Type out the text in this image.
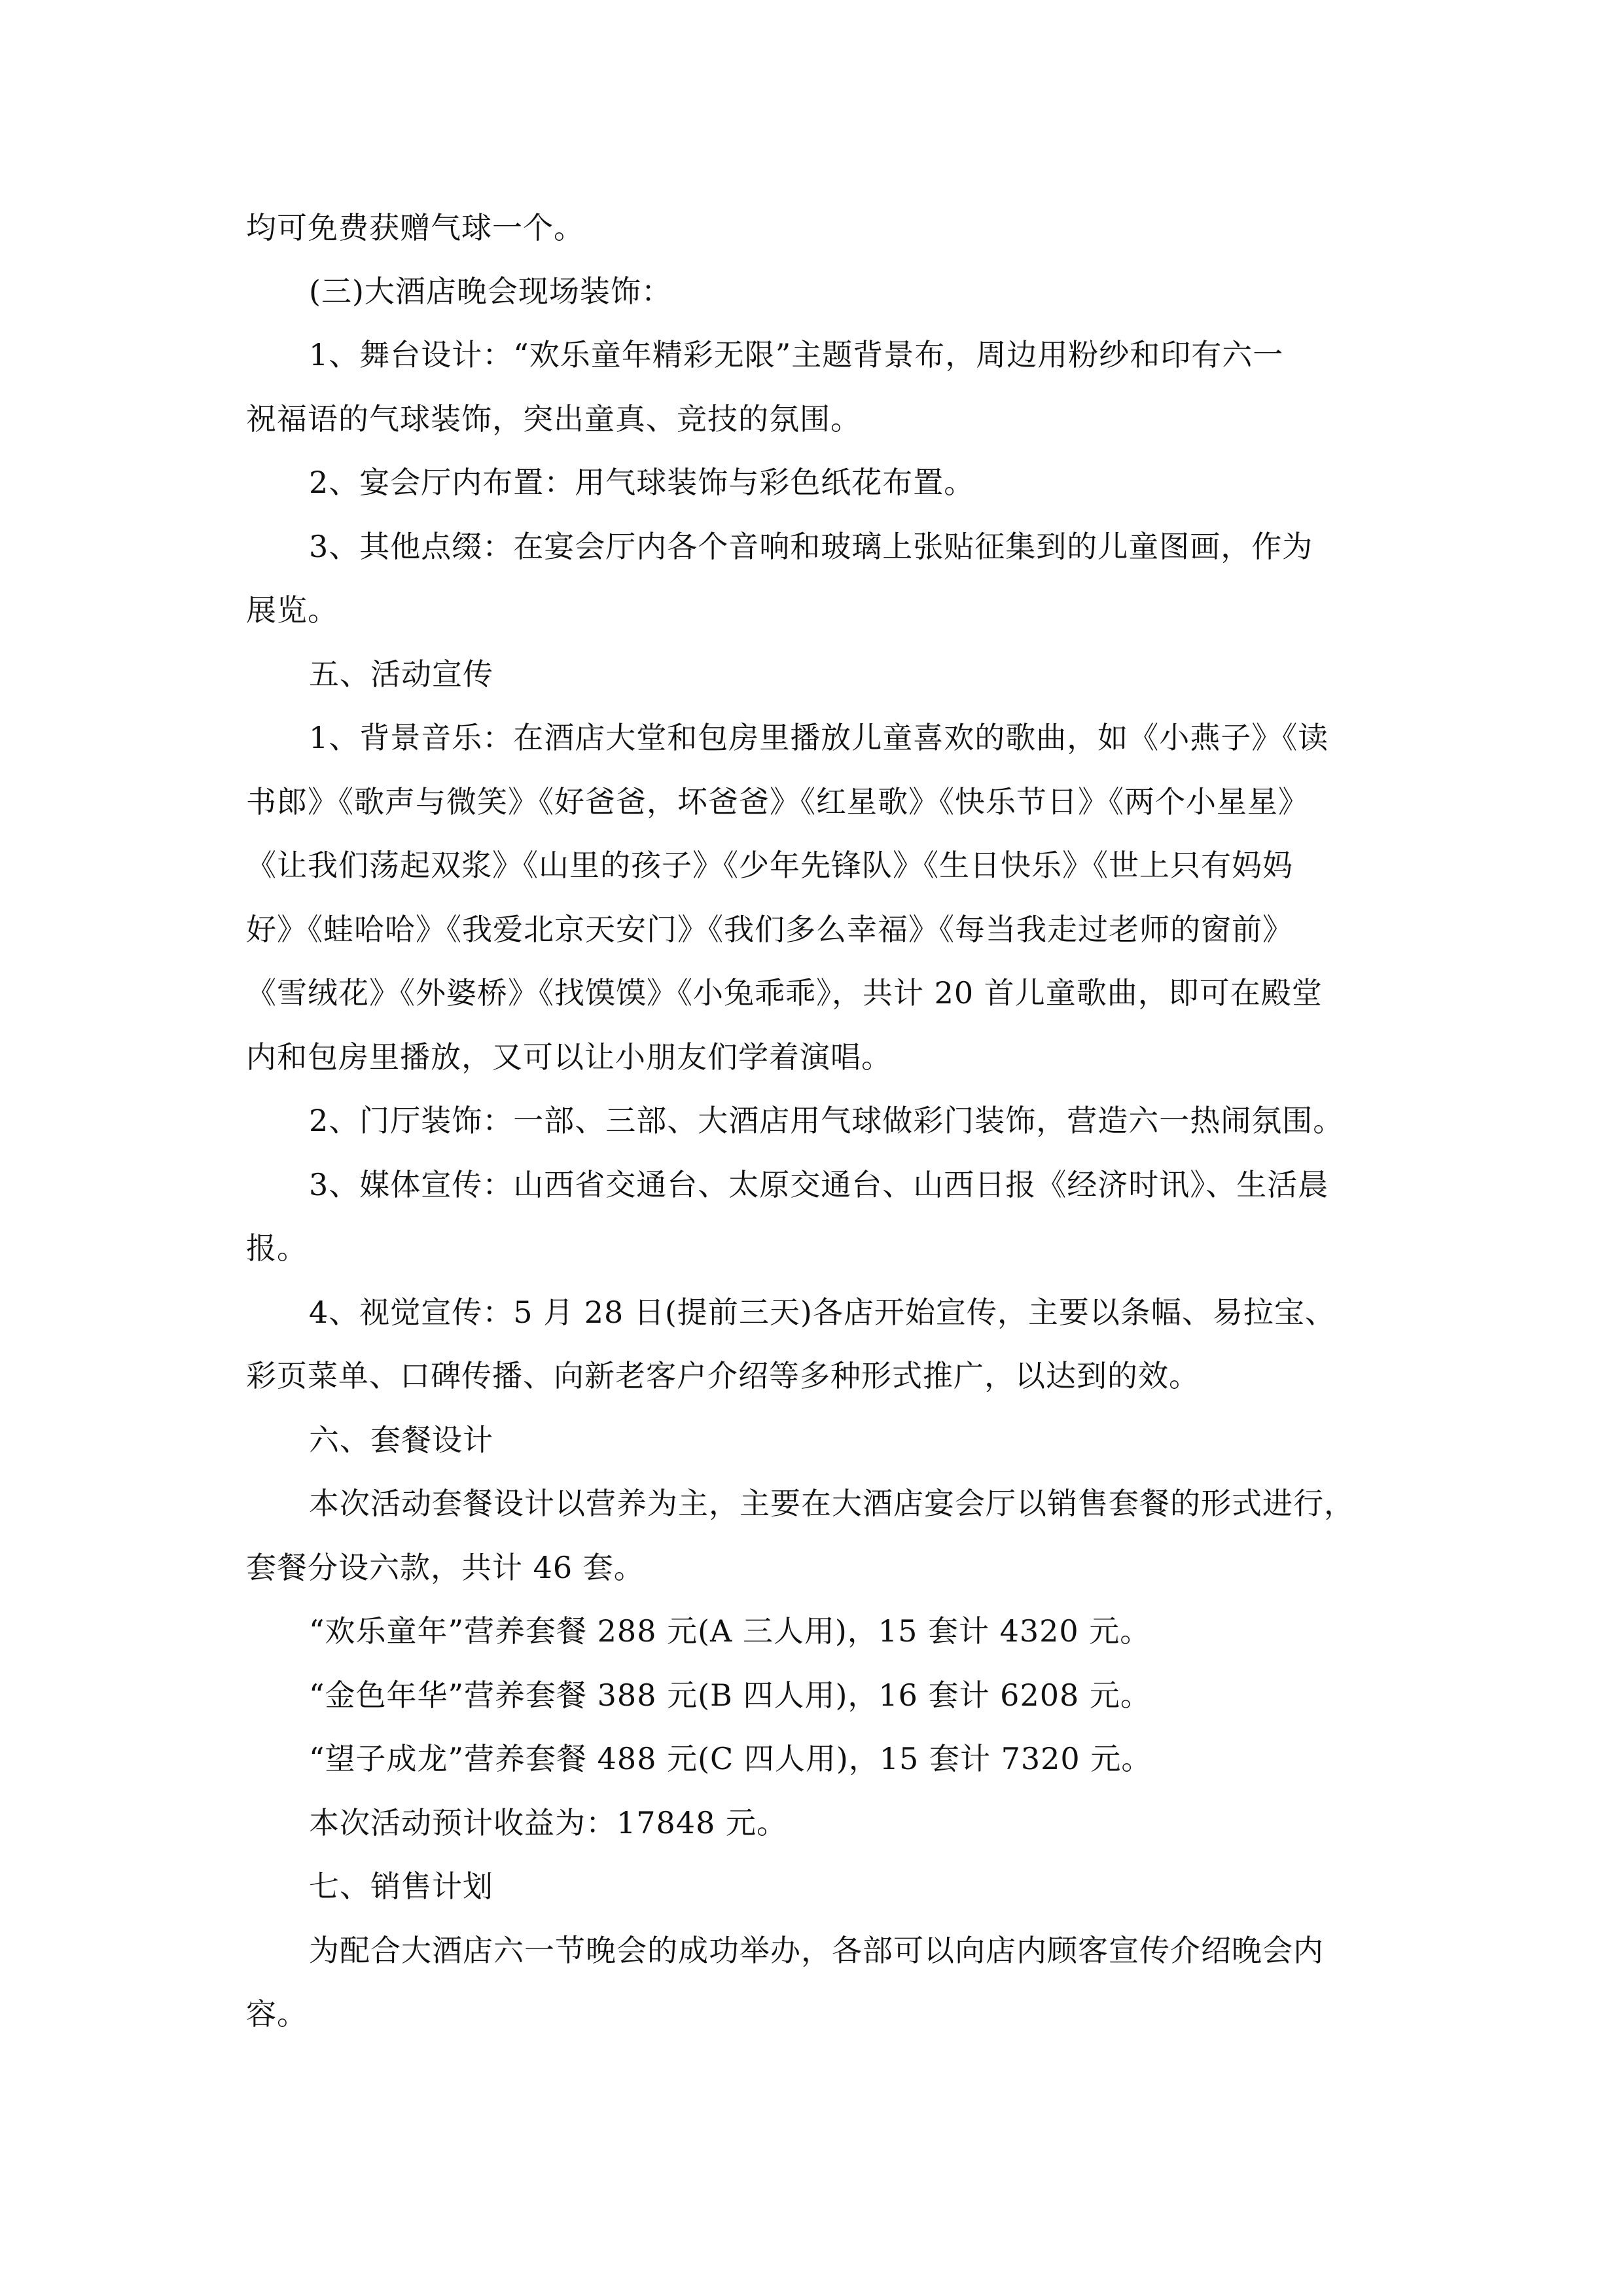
均可免费获赠气球一个。
(三)大酒店晚会现场装饰：
1、舞台设计：“欢乐童年精彩无限”主题背景布，周边用粉纱和印有六一
祝福语的气球装饰，突出童真、竞技的氛围。
2、宴会厅内布置：用气球装饰与彩色纸花布置。
3、其他点缀：在宴会厅内各个音响和玻璃上张贴征集到的儿童图画，作为
展览。
五、活动宣传
1、背景音乐：在酒店大堂和包房里播放儿童喜欢的歌曲，如《小燕子》《读
书郎》《歌声与微笑》《好爸爸，坏爸爸》《红星歌》《快乐节日》《两个小星星》
《让我们荡起双浆》《山里的孩子》《少年先锋队》《生日快乐》《世上只有妈妈
好》《蛙哈哈》《我爱北京天安门》《我们多么幸福》《每当我走过老师的窗前》
《雪绒花》《外婆桥》《找馍馍》《小兔乖乖》，共计 20 首儿童歌曲，即可在殿堂
内和包房里播放，又可以让小朋友们学着演唱。
2、门厅装饰：一部、三部、大酒店用气球做彩门装饰，营造六一热闹氛围。
3、媒体宣传：山西省交通台、太原交通台、山西日报《经济时讯》、生活晨
报。
4、视觉宣传：5 月 28 日(提前三天)各店开始宣传，主要以条幅、易拉宝、
彩页菜单、口碑传播、向新老客户介绍等多种形式推广，以达到的效。
六、套餐设计
本次活动套餐设计以营养为主，主要在大酒店宴会厅以销售套餐的形式进行，
套餐分设六款，共计 46 套。
“欢乐童年”营养套餐 288 元(A 三人用)，15 套计 4320 元。
“金色年华”营养套餐 388 元(B 四人用)，16 套计 6208 元。
“望子成龙”营养套餐 488 元(C 四人用)，15 套计 7320 元。
本次活动预计收益为：17848 元。
七、销售计划
为配合大酒店六一节晚会的成功举办，各部可以向店内顾客宣传介绍晚会内
容。
